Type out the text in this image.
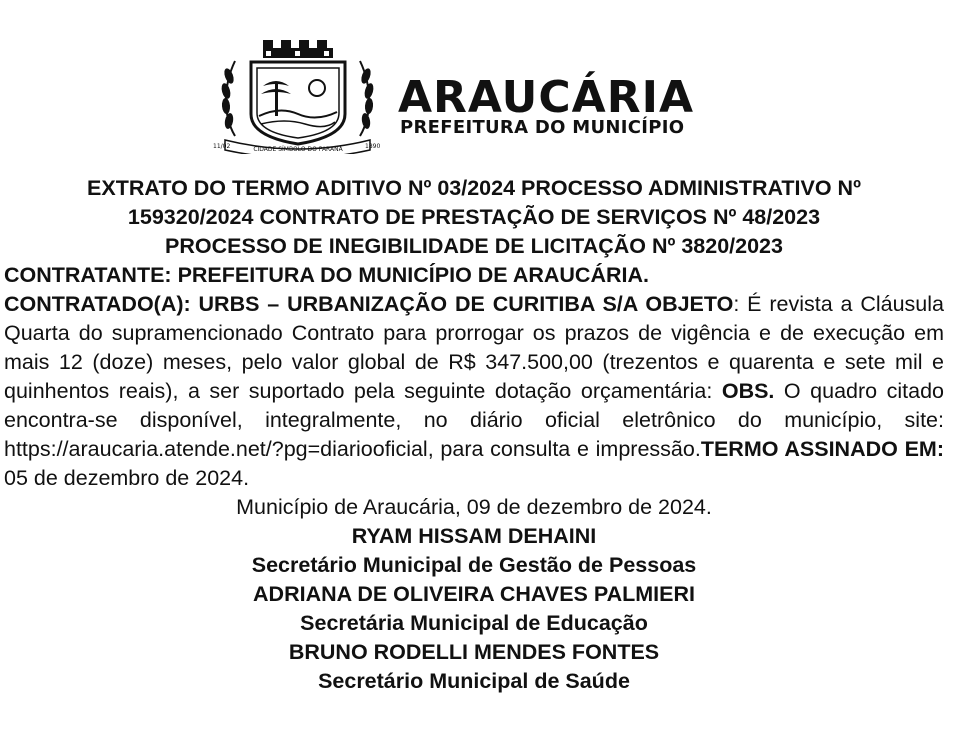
CIDADE SÍMBOLO DO PARANÁ
11/02	1890
ARAUCÁRIA
PREFEITURA DO MUNICÍPIO
EXTRATO DO TERMO ADITIVO Nº 03/2024 PROCESSO ADMINISTRATIVO Nº
159320/2024 CONTRATO DE PRESTAÇÃO DE SERVIÇOS Nº 48/2023
PROCESSO DE INEGIBILIDADE DE LICITAÇÃO Nº 3820/2023
CONTRATANTE: PREFEITURA DO MUNICÍPIO DE ARAUCÁRIA.
CONTRATADO(A): URBS – URBANIZAÇÃO DE CURITIBA S/A OBJETO: É revista a Cláusula Quarta do supramencionado Contrato para prorrogar os prazos de vigência e de execução em mais 12 (doze) meses, pelo valor global de R$ 347.500,00 (trezentos e quarenta e sete mil e quinhentos reais), a ser suportado pela seguinte dotação orçamentária: OBS. O quadro citado encontra-se disponível, integralmente, no diário oficial eletrônico do município, site: https://araucaria.atende.net/?pg=diariooficial, para consulta e impressão.TERMO ASSINADO EM: 05 de dezembro de 2024.
Município de Araucária, 09 de dezembro de 2024.
RYAM HISSAM DEHAINI
Secretário Municipal de Gestão de Pessoas
ADRIANA DE OLIVEIRA CHAVES PALMIERI
Secretária Municipal de Educação
BRUNO RODELLI MENDES FONTES
Secretário Municipal de Saúde
